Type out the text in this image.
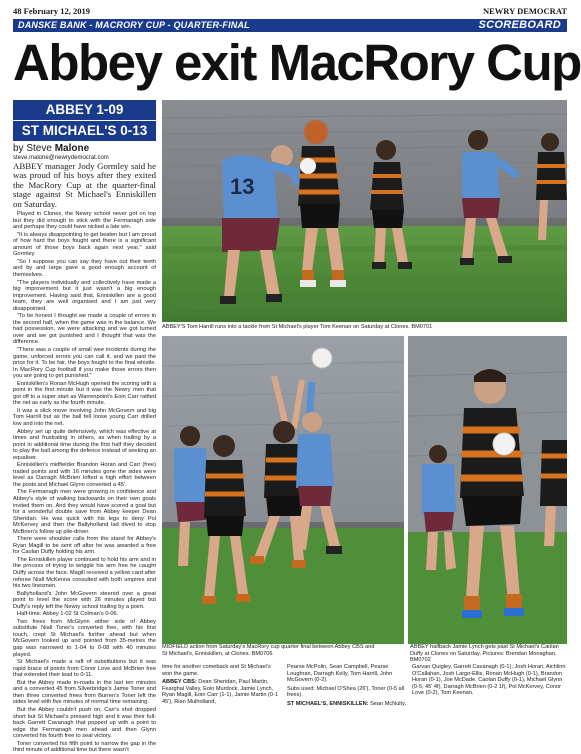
48 February 12, 2019	NEWRY DEMOCRAT
DANSKE BANK - MACRORY CUP - QUARTER-FINAL	SCOREBOARD
Abbey exit MacRory Cup
ABBEY 1-09
ST MICHAEL'S 0-13
by Steve Malone
steve.malone@newrydemocrat.com

ABBEY manager Jody Gormley said he was proud of his boys after they exited the MacRory Cup at the quarter-final stage against St Michael's Enniskillen on Saturday.

Played in Clones, the Newry school never got on top but they did enough to stick with the Fermanagh side and perhaps they could have nicked a late win.

"It is always disappointing to get beaten but I am proud of how hard the boys fought and there is a significant amount of those boys back again next year," said Gormley.

"So I suppose you can say they have out their teeth and by and large gave a good enough account of themselves.

"The players individually and collectively have made a big improvement but it just wasn't a big enough improvement. Having said that, Enniskillen are a good team, they are well organised and I am just very disappointed.

"To be honest I thought we made a couple of errors in the second half, when the game was in the balance. We had possession, we were attacking and we got turned over and we got punished and I thought that was the difference.

"There was a couple of small wee incidents during the game, unforced errors you can call it, and we paid the price for it. To be fair, the boys fought to the final whistle. In MacRory Cup football if you make those errors then you are going to get punished."

Enniskillen's Ronan McHugh opened the scoring with a point in the first minute but it was the Newry men that got off to a super start as Warrenpoint's Eoin Carr rattled the net as early as the fourth minute.

It was a slick move involving John McGovern and big Tom Harrill but as the ball fell loose young Carr drilled low and into the net.

Abbey set up quite defensively, which was effective at times and frustrating in others, as when trailing by a point in additional time during the first half they decided to play the ball among the defence instead of seeking an equaliser.

Enniskillen's midfielder Brandon Horan and Carr (free) traded points and with 16 minutes gone the sides were level as Darragh McBrien lofted a high effort between the posts and Michael Glynn converted a 45'.

The Fermanagh men were growing in confidence and Abbey's style of walking backwards on their own goals invited them on. And they would have scored a goal but for a wonderful double save from Abbey keeper Dean Sheridan. He was quick with his legs to deny Pol McKervey and then the Ballyholland lad dived to stop McBrien's follow up pile-driver.

There were shoulder calls from the stand for Abbey's Ryan Magill to be sent off after he was awarded a free for Caolan Duffy holding his arm.

The Enniskillen player continued to hold his arm and in the process of trying to wriggle his arm free he caught Duffy across the face. Magill received a yellow card after referee Niall McKenna consulted with both umpires and his two linesmen.

Ballyholland's John McGovern steered over a great point to level the score with 26 minutes played but Duffy's reply left the Newry school trailing by a point.

Half-time: Abbey 1-02 St Colman's 0-06.

Two frees from McGlynn either side of Abbey substitute Niall Toner's converted free, with his first touch, crept St Michael's further ahead but when McGovern looked up and pointed from 35-metres the gap was narrowed to 1-04 to 0-08 with 40 minutes played.

St Michael's made a raft of substitutions but it was rapid brace of points from Conor Love and McBrien free that extended their lead to 0-11.

But the Abbey made in-roads in the last ten minutes and a converted 45 from Silverbridge's Jamie Toner and then three converted frees from Burren's Toner left the sides level with five minutes of normal time remaining.

But the Abbey couldn't push on, Carr's shot dropped short but St Michael's pressed high and it was their full-back Garrett Cavanagh that popped up with a point to edge the Fermanagh men ahead and then Glynn converted his fourth free to seal victory.

Toner converted his fifth point to narrow the gap in the third minute of additional time but there wasn't

13
ABBEY'S Tom Harrill runs into a tackle from St Michael's player Tom Keenan on Saturday at Clones. BM0701
MIDFIELD action from Saturday's MacRory cup quarter final between Abbey CBS and St Michael's, Enniskillen, at Clones. BM0706
ABBEY halfback Jamie Lynch gets past St Michael's Caolan Duffy at Clones on Saturday. Pictures: Brendan Monaghan. BM0702

time for another comeback and St Michael's won the game.

ABBEY CBS: Dean Sheridan, Paul Martin, Fearghal Valley, Eoin Murdock, Jamie Lynch, Ryan Magill, Eoin Carr (1-1), Jamie Martin (0-1 45'), Rian Mulholland,

Pearse McPolin, Sean Campbell, Pearse Loughran, Darragh Kelly, Tom Harrill, John McGovern (0-2).

Subs used: Michael O'Shea (26'), Toner (0-5 all frees).

ST MICHAEL'S, ENNISKILLEN: Sean McNulty,

Garvan Quigley, Garrett Cavanagh (0-1), Josh Horan, Aichlinn O'Callahan, Josh Largo-Ellis, Ronan McHugh (0-1), Brandon Horan (0-1), Joe McDade, Caolan Duffy (0-1), Michael Glynn (0-5, 45' 4f), Darragh McBrien (0-2 1f), Pol McKervey, Conor Love (0-2), Tom Keenan.
